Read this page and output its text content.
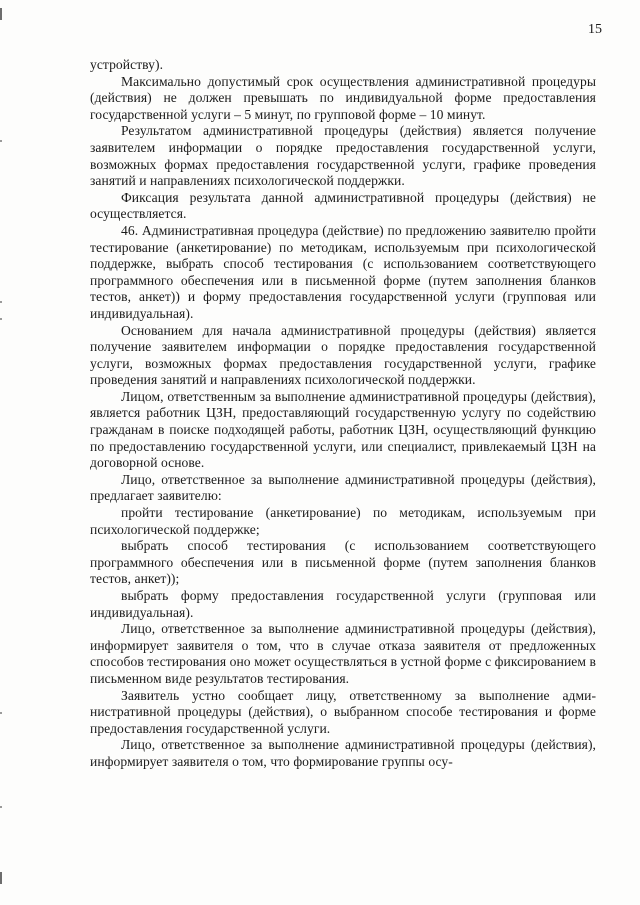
15

устройству).

Максимально допустимый срок осуществления административной процедуры (действия) не должен превышать по индивидуальной форме предоставления государственной услуги – 5 минут, по групповой форме – 10 минут.

Результатом административной процедуры (действия) является получение заявителем информации о порядке предоставления государственной услуги, возможных формах предоставления государственной услуги, графике проведения занятий и направлениях психологической поддержки.

Фиксация результата данной административной процедуры (действия) не осуществляется.

46. Административная процедура (действие) по предложению заявителю пройти тестирование (анкетирование) по методикам, используемым при психологической поддержке, выбрать способ тестирования (с использованием соответствующего программного обеспечения или в письменной форме (путем заполнения бланков тестов, анкет)) и форму предоставления государственной услуги (групповая или индивидуальная).

Основанием для начала административной процедуры (действия) является получение заявителем информации о порядке предоставления государственной услуги, возможных формах предоставления государственной услуги, графике проведения занятий и направлениях психологической поддержки.

Лицом, ответственным за выполнение административной процедуры (действия), является работник ЦЗН, предоставляющий государственную услугу по содействию гражданам в поиске подходящей работы, работник ЦЗН, осуществляющий функцию по предоставлению государственной услуги, или специалист, привлекаемый ЦЗН на договорной основе.

Лицо, ответственное за выполнение административной процедуры (действия), предлагает заявителю:

пройти тестирование (анкетирование) по методикам, используемым при психологической поддержке;

выбрать способ тестирования (с использованием соответствующего программного обеспечения или в письменной форме (путем заполнения бланков тестов, анкет));

выбрать форму предоставления государственной услуги (групповая или индивидуальная).

Лицо, ответственное за выполнение административной процедуры (действия), информирует заявителя о том, что в случае отказа заявителя от предложенных способов тестирования оно может осуществляться в устной форме с фиксированием в письменном виде результатов тестирования.

Заявитель устно сообщает лицу, ответственному за выполнение административной процедуры (действия), о выбранном способе тестирования и форме предоставления государственной услуги.

Лицо, ответственное за выполнение административной процедуры (действия), информирует заявителя о том, что формирование группы осу-
